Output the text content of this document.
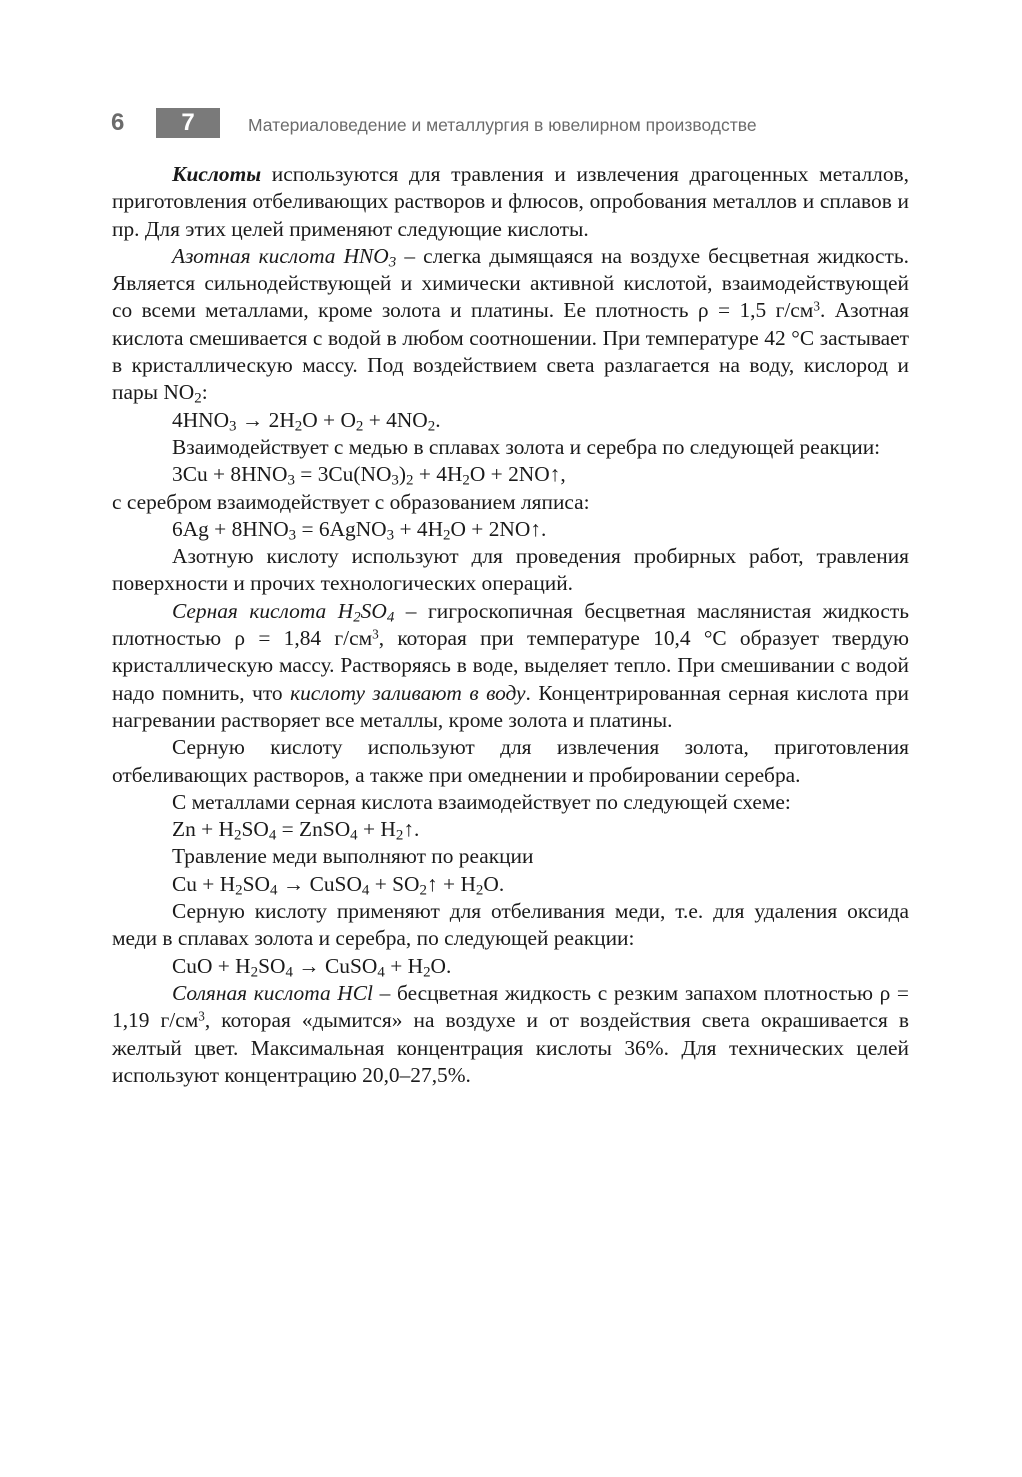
6	7	Материаловедение и металлургия в ювелирном производстве

Кислоты используются для травления и извлечения драгоценных металлов, приготовления отбеливающих растворов и флюсов, опробования металлов и сплавов и пр. Для этих целей применяют следующие кислоты.

Азотная кислота $HNO_3$ – слегка дымящаяся на воздухе бесцветная жидкость. Является сильнодействующей и химически активной кислотой, взаимодействующей со всеми металлами, кроме золота и платины. Ее плотность ρ = 1,5 $г/см^3$. Азотная кислота смешивается с водой в любом соотношении. При температуре 42 °C застывает в кристаллическую массу. Под воздействием света разлагается на воду, кислород и пары $NO_2$:

$4HNO_3 \to 2H_2O + O_2 + 4NO_2$.

Взаимодействует с медью в сплавах золота и серебра по следующей реакции:

$3Cu + 8HNO_3 = 3Cu(NO_3)_2 + 4H_2O$ + 2NO↑,

с серебром взаимодействует с образованием ляписа:

$6Ag + 8HNO_3$ = 6AgNO$_3$ + $4H_2O$ + 2NO↑.

Азотную кислоту используют для проведения пробирных работ, травления поверхности и прочих технологических операций.

Серная кислота $H_2SO_4$ – гигроскопичная бесцветная маслянистая жидкость плотностью ρ = 1,84 $г/см^3$, которая при температуре 10,4 °C образует твердую кристаллическую массу. Растворяясь в воде, выделяет тепло. При смешивании с водой надо помнить, что кислоту заливают в воду. Концентрированная серная кислота при нагревании растворяет все металлы, кроме золота и платины.

Серную кислоту используют для извлечения золота, приготовления отбеливающих растворов, а также при омеднении и пробировании серебра.

С металлами серная кислота взаимодействует по следующей схеме:

$Zn + H_2SO_4$ = ZnSO$_4$ + $H_2↑$.

Травление меди выполняют по реакции

$Cu + H_2SO_4$ → CuSO$_4$ + $SO_2↑ + H_2O$.

Серную кислоту применяют для отбеливания меди, т.е. для удаления оксида меди в сплавах золота и серебра, по следующей реакции:

CuO + $H_2SO_4$ → CuSO$_4$ + $H_2O$.

Соляная кислота HCl – бесцветная жидкость с резким запахом плотностью ρ = 1,19 $г/см^3$, которая «дымится» на воздухе и от воздействия света окрашивается в желтый цвет. Максимальная концентрация кислоты 36%. Для технических целей используют концентрацию 20,0–27,5%.
